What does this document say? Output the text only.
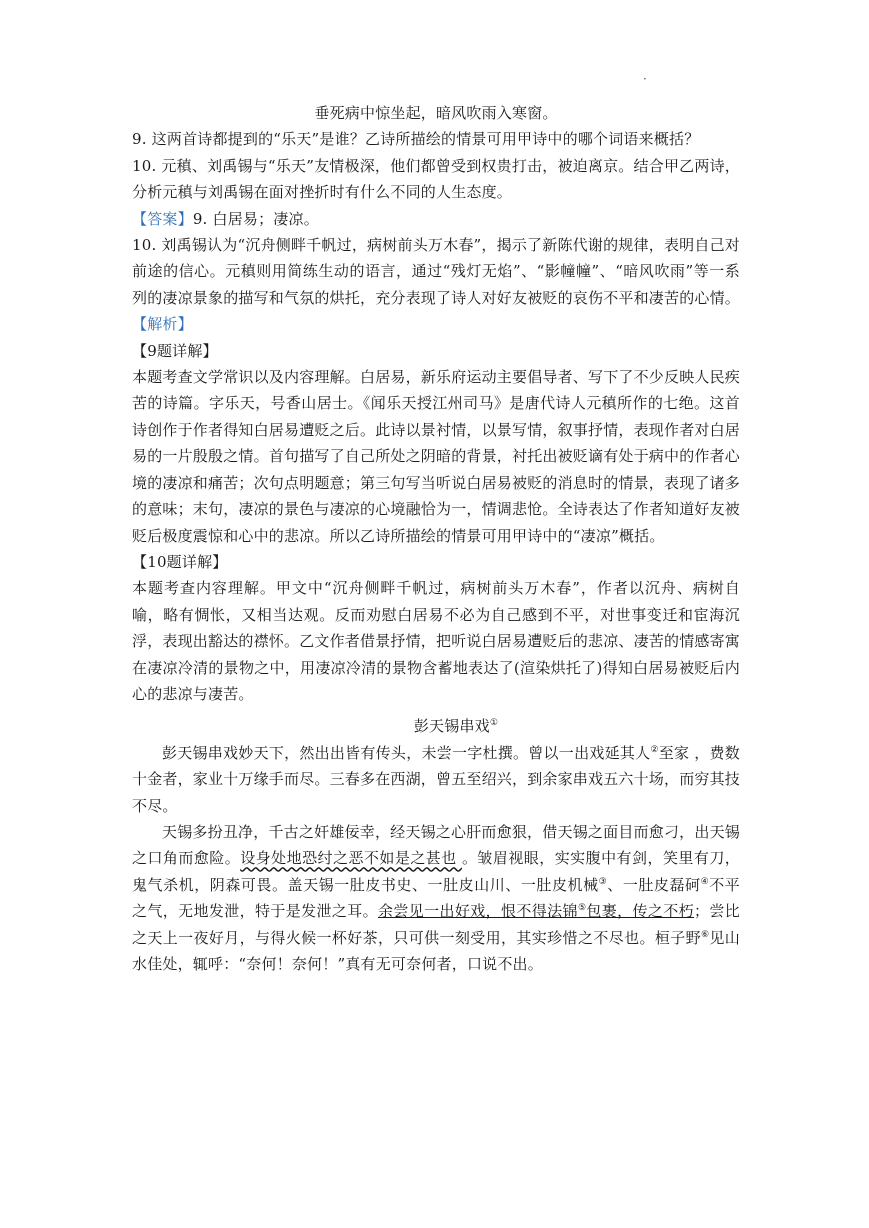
·

垂死病中惊坐起，暗风吹雨入寒窗。

9. 这两首诗都提到的“乐天”是谁？乙诗所描绘的情景可用甲诗中的哪个词语来概括？

10. 元稹、刘禹锡与“乐天”友情极深，他们都曾受到权贵打击，被迫离京。结合甲乙两诗，分析元稹与刘禹锡在面对挫折时有什么不同的人生态度。

【答案】9. 白居易；凄凉。

10. 刘禹锡认为“沉舟侧畔千帆过，病树前头万木春”，揭示了新陈代谢的规律，表明自己对前途的信心。元稹则用简练生动的语言，通过“残灯无焰”、“影幢幢”、“暗风吹雨”等一系列的凄凉景象的描写和气氛的烘托，充分表现了诗人对好友被贬的哀伤不平和凄苦的心情。

【解析】

【9题详解】

本题考查文学常识以及内容理解。白居易，新乐府运动主要倡导者、写下了不少反映人民疾苦的诗篇。字乐天，号香山居士。《闻乐天授江州司马》是唐代诗人元稹所作的七绝。这首诗创作于作者得知白居易遭贬之后。此诗以景衬情，以景写情，叙事抒情，表现作者对白居易的一片殷殷之情。首句描写了自己所处之阴暗的背景，衬托出被贬谪有处于病中的作者心境的凄凉和痛苦；次句点明题意；第三句写当听说白居易被贬的消息时的情景，表现了诸多的意味；末句，凄凉的景色与凄凉的心境融恰为一，情调悲怆。全诗表达了作者知道好友被贬后极度震惊和心中的悲凉。所以乙诗所描绘的情景可用甲诗中的“凄凉”概括。

【10题详解】

本题考查内容理解。甲文中“沉舟侧畔千帆过，病树前头万木春”，作者以沉舟、病树自喻，略有惆怅，又相当达观。反而劝慰白居易不必为自己感到不平，对世事变迁和宦海沉浮，表现出豁达的襟怀。乙文作者借景抒情，把听说白居易遭贬后的悲凉、凄苦的情感寄寓在凄凉冷清的景物之中，用凄凉冷清的景物含蓄地表达了(渲染烘托了)得知白居易被贬后内心的悲凉与凄苦。

彭天锡串戏①

彭天锡串戏妙天下，然出出皆有传头，未尝一字杜撰。曾以一出戏延其人②至家 ，费数十金者，家业十万缘手而尽。三春多在西湖，曾五至绍兴，到余家串戏五六十场，而穷其技不尽。

天锡多扮丑净，千古之奸雄佞幸，经天锡之心肝而愈狠，借天锡之面目而愈刁，出天锡之口角而愈险。设身处地恐纣之恶不如是之甚也 。皱眉视眼，实实腹中有剑，笑里有刀，鬼气杀机，阴森可畏。盖天锡一肚皮书史、一肚皮山川、一肚皮机械③、一肚皮磊砢④不平之气，无地发泄，特于是发泄之耳。余尝见一出好戏，恨不得法锦⑤包裹，传之不朽；尝比之天上一夜好月，与得火候一杯好茶，只可供一刻受用，其实珍惜之不尽也。桓子野⑥见山水佳处，辄呼：“奈何！奈何！”真有无可奈何者，口说不出。
